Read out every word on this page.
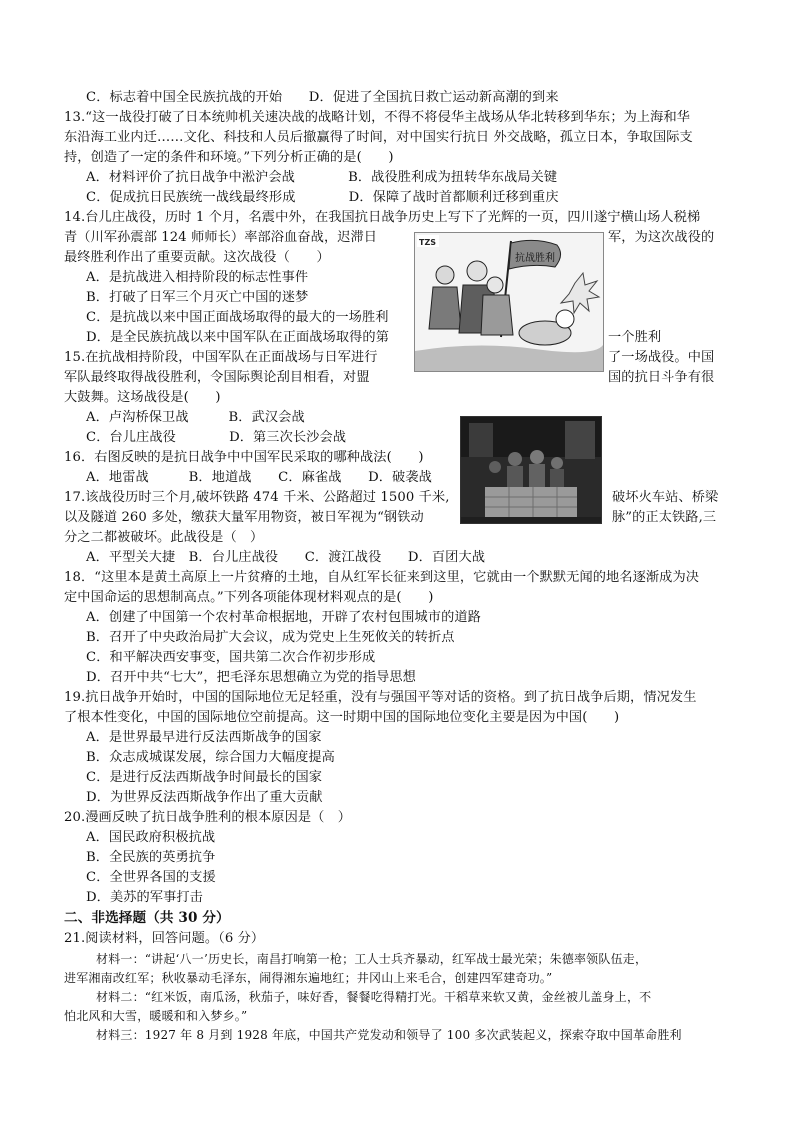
C．标志着中国全民族抗战的开始　　D．促进了全国抗日救亡运动新高潮的到来
13.“这一战役打破了日本统帅机关速决战的战略计划，不得不将侵华主战场从华北转移到华东；为上海和华
东沿海工业内迁……文化、科技和人员后撤赢得了时间，对中国实行抗日 外交战略，孤立日本，争取国际支
持，创造了一定的条件和环境。”下列分析正确的是(　　)
A．材料评价了抗日战争中淞沪会战　　　　B．战役胜利成为扭转华东战局关键
C．促成抗日民族统一战线最终形成　　　　D．保障了战时首都顺利迁移到重庆
14.台儿庄战役，历时 1 个月，名震中外，在我国抗日战争历史上写下了光辉的一页，四川遂宁横山场人税梯
青（川军孙震部 124 师师长）率部浴血奋战，迟滞日	军，为这次战役的
最终胜利作出了重要贡献。这次战役（　　）
A．是抗战进入相持阶段的标志性事件
B．打破了日军三个月灭亡中国的迷梦
C．是抗战以来中国正面战场取得的最大的一场胜利
D．是全民族抗战以来中国军队在正面战场取得的第	一个胜利
15.在抗战相持阶段，中国军队在正面战场与日军进行	了一场战役。中国
军队最终取得战役胜利，令国际舆论刮目相看，对盟	国的抗日斗争有很
大鼓舞。这场战役是(　　)
A．卢沟桥保卫战　　　B．武汉会战
C．台儿庄战役　　　　D．第三次长沙会战
16．右图反映的是抗日战争中中国军民采取的哪种战法(　　)
A．地雷战　　　B．地道战　　C．麻雀战　　D．破袭战
17.该战役历时三个月,破坏铁路 474 千米、公路超过 1500 千米,	破坏火车站、桥梁
以及隧道 260 多处，缴获大量军用物资，被日军视为“钢铁动	脉”的正太铁路,三
分之二都被破坏。此战役是（　）
A．平型关大捷　B．台儿庄战役　　C．渡江战役　　D．百团大战
18．“这里本是黄土高原上一片贫瘠的土地，自从红军长征来到这里，它就由一个默默无闻的地名逐渐成为决
定中国命运的思想制高点。”下列各项能体现材料观点的是(　　)
A．创建了中国第一个农村革命根据地，开辟了农村包围城市的道路
B．召开了中央政治局扩大会议，成为党史上生死攸关的转折点
C．和平解决西安事变，国共第二次合作初步形成
D．召开中共“七大”，把毛泽东思想确立为党的指导思想
19.抗日战争开始时，中国的国际地位无足轻重，没有与强国平等对话的资格。到了抗日战争后期，情况发生
了根本性变化，中国的国际地位空前提高。这一时期中国的国际地位变化主要是因为中国(　　)
A．是世界最早进行反法西斯战争的国家
B．众志成城谋发展，综合国力大幅度提高
C．是进行反法西斯战争时间最长的国家
D．为世界反法西斯战争作出了重大贡献
20.漫画反映了抗日战争胜利的根本原因是（　）
A．国民政府积极抗战
B．全民族的英勇抗争
C．全世界各国的支援
D．美苏的军事打击
二、非选择题（共 30 分）
21.阅读材料，回答问题。（6 分）
材料一：“讲起‘八一’历史长，南昌打响第一枪；工人士兵齐暴动，红军战士最光荣；朱德率领队伍走，
进军湘南改红军；秋收暴动毛泽东，闹得湘东遍地红；井冈山上来毛合，创建四军建奇功。”
材料二：“红米饭，南瓜汤，秋茄子，味好香，餐餐吃得精打光。干稻草来软又黄，金丝被儿盖身上，不
怕北风和大雪，暖暖和和入梦乡。”
材料三：1927 年 8 月到 1928 年底，中国共产党发动和领导了 100 多次武装起义，探索夺取中国革命胜利
抗战胜利
TZS
